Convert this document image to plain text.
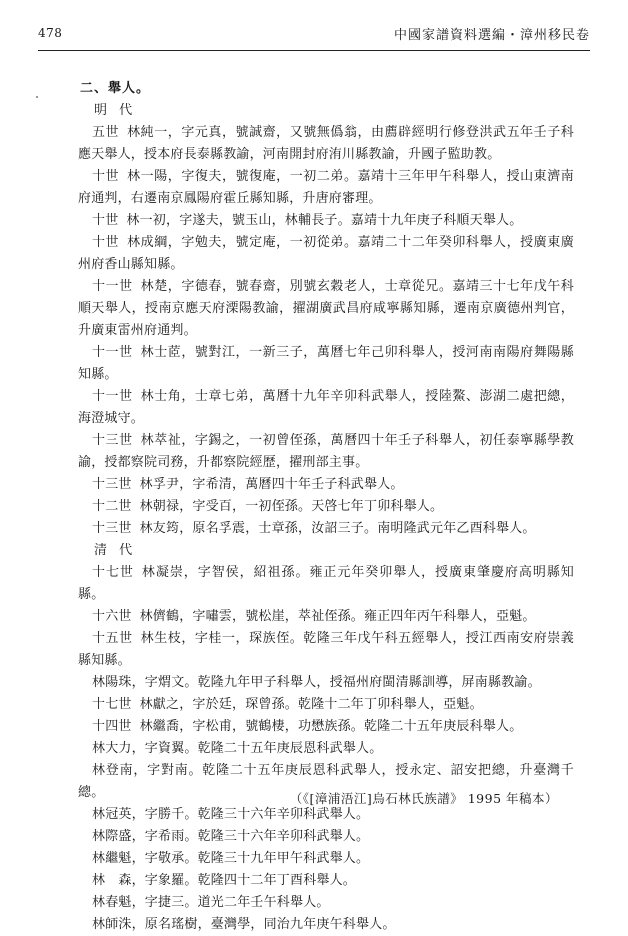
478	中國家譜資料選編・漳州移民卷
二、舉人。
明 代
五世 林純一，字元真，號誠齋，又號無僞翁，由薦辟經明行修登洪武五年壬子科應天舉人，授本府長泰縣教諭，河南開封府洧川縣教諭，升國子監助教。
十世 林一陽，字復夫，號復庵，一初二弟。嘉靖十三年甲午科舉人，授山東濟南府通判，右遷南京鳳陽府霍丘縣知縣，升唐府審理。
十世 林一初，字遂夫，號玉山，林輔長子。嘉靖十九年庚子科順天舉人。
十世 林成綱，字勉夫，號定庵，一初從弟。嘉靖二十二年癸卯科舉人，授廣東廣州府香山縣知縣。
十一世 林楚，字德春，號春齋，別號玄穀老人，士章從兄。嘉靖三十七年戊午科順天舉人，授南京應天府溧陽教諭，擢湖廣武昌府咸寧縣知縣，遷南京廣德州判官，升廣東雷州府通判。
十一世 林士茝，號對江，一新三子，萬曆七年己卯科舉人，授河南南陽府舞陽縣知縣。
十一世 林士角，士章七弟，萬曆十九年辛卯科武舉人，授陸鰲、澎湖二處把總，海澄城守。
十三世 林萃祉，字錫之，一初曾侄孫，萬曆四十年壬子科舉人，初任泰寧縣學教諭，授都察院司務，升都察院經歷，擢刑部主事。
十三世 林孚尹，字希清，萬曆四十年壬子科武舉人。
十二世 林朝禄，字受百，一初侄孫。天啓七年丁卯科舉人。
十三世 林友筠，原名孚震，士章孫，汝詔三子。南明隆武元年乙酉科舉人。
清 代
十七世 林凝崇，字智侯，紹祖孫。雍正元年癸卯舉人，授廣東肇慶府高明縣知縣。
十六世 林儕鶴，字嘯雲，號松崖，萃祉侄孫。雍正四年丙午科舉人，亞魁。
十五世 林生枝，字桂一，琛族侄。乾隆三年戊午科五經舉人，授江西南安府崇義縣知縣。
林陽珠，字煟文。乾隆九年甲子科舉人，授福州府閩清縣訓導，屏南縣教諭。
十七世 林獻之，字於廷，琛曾孫。乾隆十二年丁卯科舉人，亞魁。
十四世 林繼喬，字松甫，號鶴棲，功懋族孫。乾隆二十五年庚辰科舉人。
林大力，字資翼。乾隆二十五年庚辰恩科武舉人。
林登南，字對南。乾隆二十五年庚辰恩科武舉人，授永定、詔安把總，升臺灣千總。
林冠英，字勝千。乾隆三十六年辛卯科武舉人。
林際盛，字希雨。乾隆三十六年辛卯科武舉人。
林繼魁，字敬承。乾隆三十九年甲午科武舉人。
林　森，字象羅。乾隆四十二年丁酉科舉人。
林春魁，字捷三。道光二年壬午科舉人。
林師洙，原名瑤樹，臺灣學，同治九年庚午科舉人。
（《[漳浦浯江]烏石林氏族譜》 1995 年稿本）
